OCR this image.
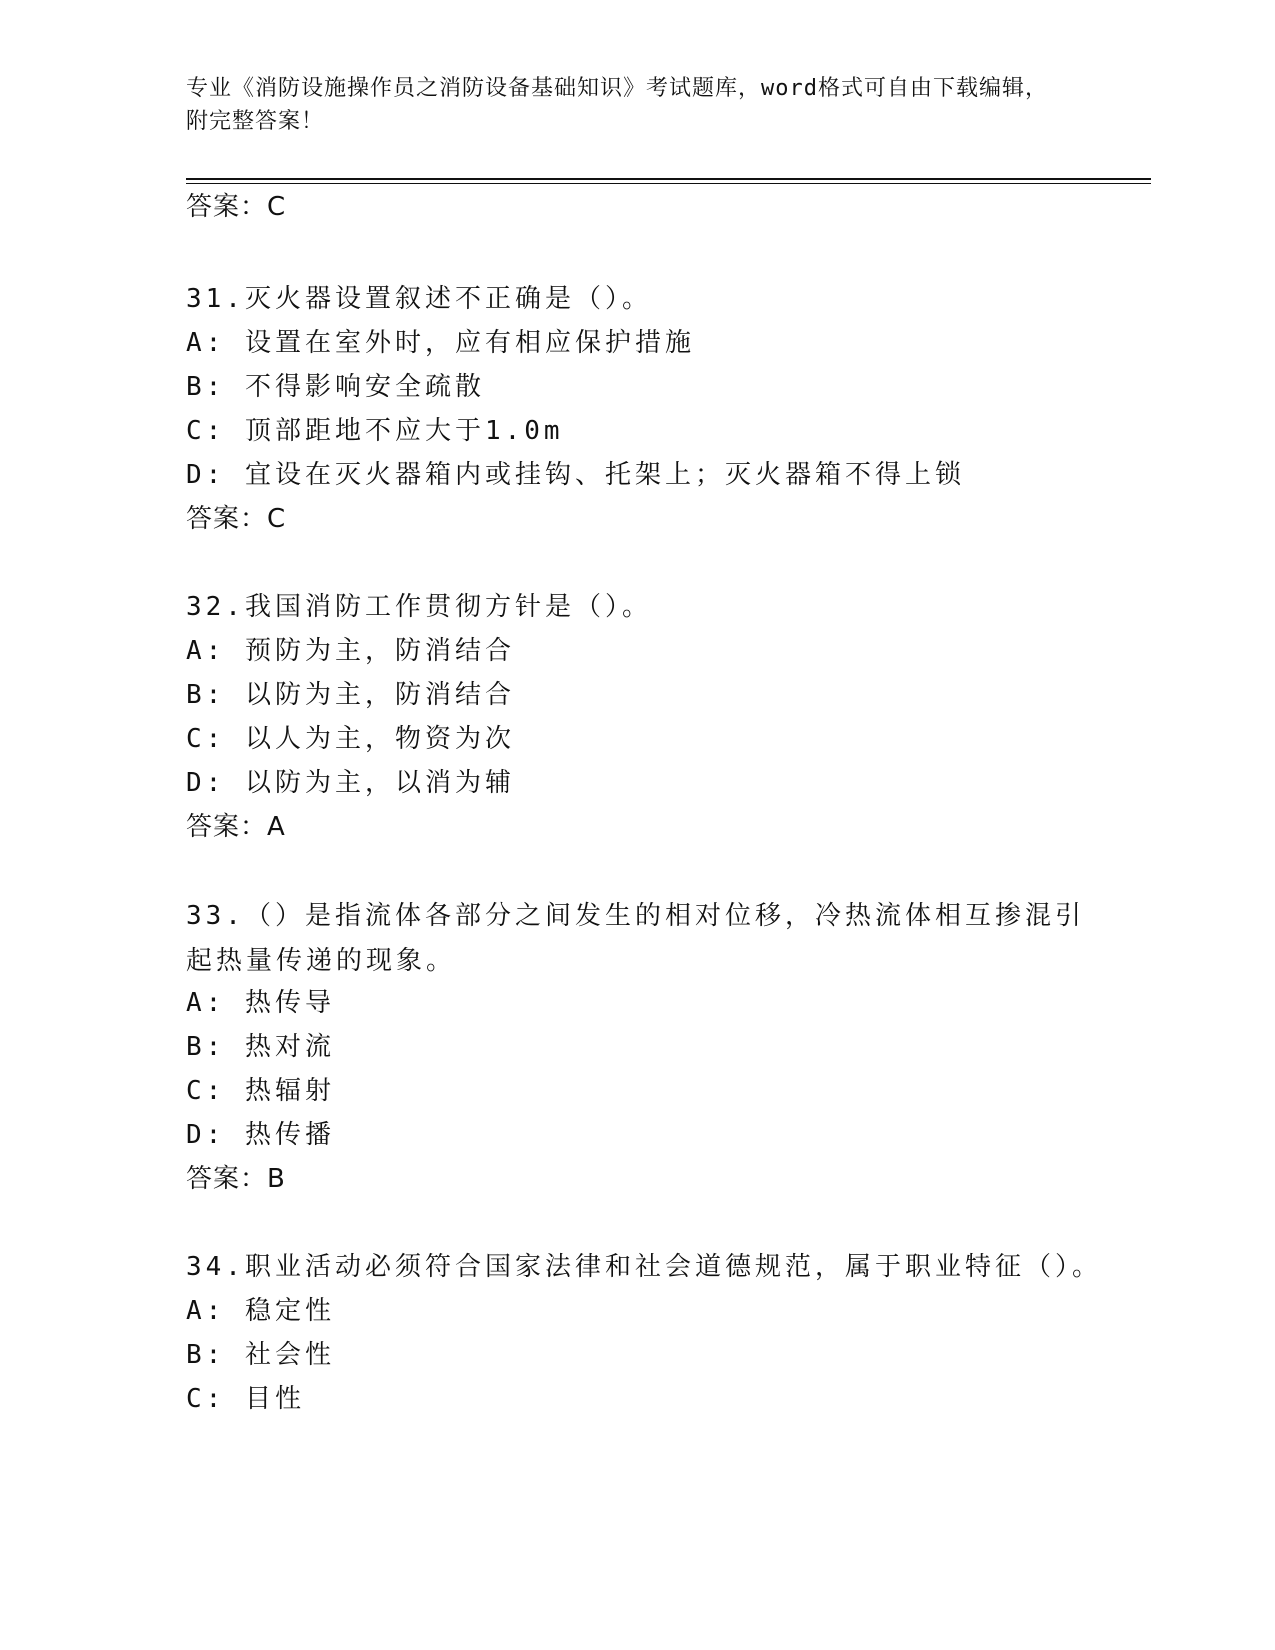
专业《消防设施操作员之消防设备基础知识》考试题库，word格式可自由下载编辑，附完整答案！
答案：C
31.灭火器设置叙述不正确是（）。
A: 设置在室外时，应有相应保护措施
B: 不得影响安全疏散
C: 顶部距地不应大于1.0m
D: 宜设在灭火器箱内或挂钩、托架上；灭火器箱不得上锁
答案：C
32.我国消防工作贯彻方针是（）。
A: 预防为主，防消结合
B: 以防为主，防消结合
C: 以人为主，物资为次
D: 以防为主，以消为辅
答案：A
33.（）是指流体各部分之间发生的相对位移，冷热流体相互掺混引起热量传递的现象。
A: 热传导
B: 热对流
C: 热辐射
D: 热传播
答案：B
34.职业活动必须符合国家法律和社会道德规范，属于职业特征（）。
A: 稳定性
B: 社会性
C: 目性
